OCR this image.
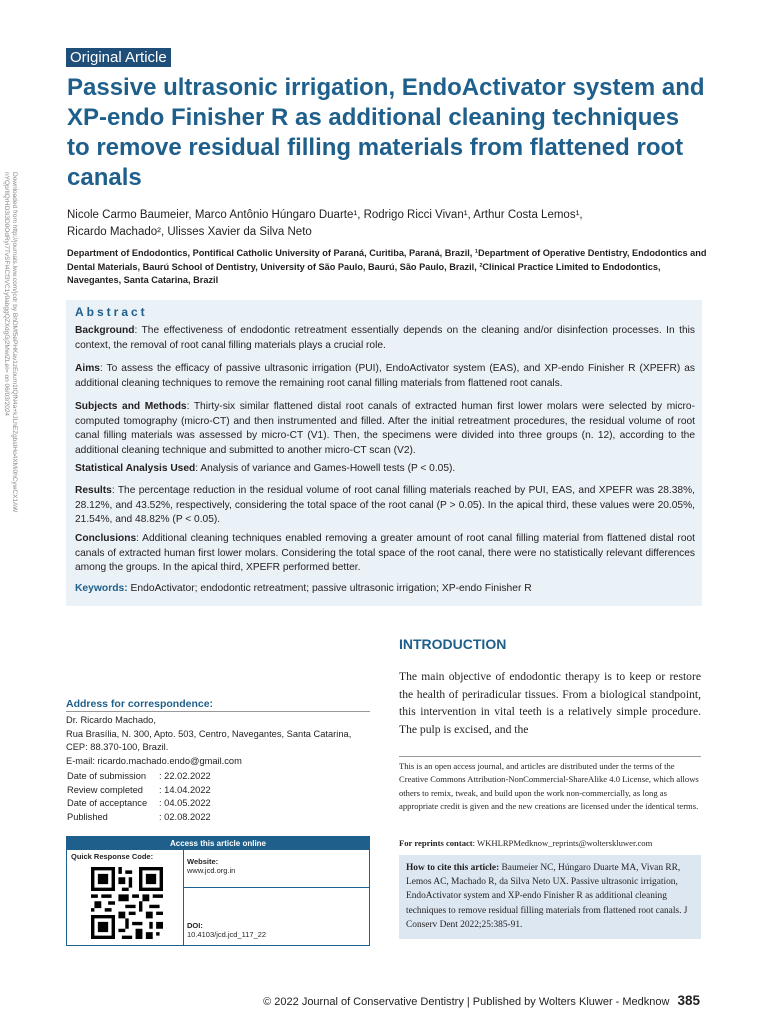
Original Article
Passive ultrasonic irrigation, EndoActivator system and XP-endo Finisher R as additional cleaning techniques to remove residual filling materials from flattened root canals
Nicole Carmo Baumeier, Marco Antônio Húngaro Duarte¹, Rodrigo Ricci Vivan¹, Arthur Costa Lemos¹,
Ricardo Machado², Ulisses Xavier da Silva Neto
Department of Endodontics, Pontifical Catholic University of Paraná, Curitiba, Paraná, Brazil, ¹Department of Operative Dentistry, Endodontics and Dental Materials, Baurú School of Dentistry, University of São Paulo, Baurú, São Paulo, Brazil, ²Clinical Practice Limited to Endodontics, Navegantes, Santa Catarina, Brazil
Downloaded from http://journals.lww.com/jcdr by BhDMf5ePHKav1zEoum1tQfN4a+kJLhEZgbsIHo4XMi0hCywCX1AW nYQp/IlQrHD3i3D0OdRyi7TvSFl4Cf3VC1y0abggQZXdgGj2MwlZLeI= on 06/03/2024	Abstract
Background: The effectiveness of endodontic retreatment essentially depends on the cleaning and/or disinfection processes. In this context, the removal of root canal filling materials plays a crucial role.
Aims: To assess the efficacy of passive ultrasonic irrigation (PUI), EndoActivator system (EAS), and XP-endo Finisher R (XPEFR) as additional cleaning techniques to remove the remaining root canal filling materials from flattened root canals.
Subjects and Methods: Thirty-six similar flattened distal root canals of extracted human first lower molars were selected by micro-computed tomography (micro-CT) and then instrumented and filled. After the initial retreatment procedures, the residual volume of root canal filling materials was assessed by micro-CT (V1). Then, the specimens were divided into three groups (n. 12), according to the additional cleaning technique and submitted to another micro-CT scan (V2).
Statistical Analysis Used: Analysis of variance and Games-Howell tests (P < 0.05).
Results: The percentage reduction in the residual volume of root canal filling materials reached by PUI, EAS, and XPEFR was 28.38%, 28.12%, and 43.52%, respectively, considering the total space of the root canal (P > 0.05). In the apical third, these values were 20.05%, 21.54%, and 48.82% (P < 0.05).
Conclusions: Additional cleaning techniques enabled removing a greater amount of root canal filling material from flattened distal root canals of extracted human first lower molars. Considering the total space of the root canal, there were no statistically relevant differences among the groups. In the apical third, XPEFR performed better.
Keywords: EndoActivator; endodontic retreatment; passive ultrasonic irrigation; XP-endo Finisher R
INTRODUCTION
The main objective of endodontic therapy is to keep or restore the health of periradicular tissues. From a biological standpoint, this intervention in vital teeth is a relatively simple procedure. The pulp is excised, and the
Address for correspondence:
Dr. Ricardo Machado,
Rua Brasília, N. 300, Apto. 503, Centro, Navegantes, Santa Catarina, CEP: 88.370-100, Brazil.
E-mail: ricardo.machado.endo@gmail.com
Date of submission	: 22.02.2022
Review completed	: 14.04.2022
Date of acceptance	: 04.05.2022
Published	: 02.08.2022
This is an open access journal, and articles are distributed under the terms of the Creative Commons Attribution-NonCommercial-ShareAlike 4.0 License, which allows others to remix, tweak, and build upon the work non-commercially, as long as appropriate credit is given and the new creations are licensed under the identical terms.
For reprints contact: WKHLRPMedknow_reprints@wolterskluwer.com
How to cite this article: Baumeier NC, Húngaro Duarte MA, Vivan RR, Lemos AC, Machado R, da Silva Neto UX. Passive ultrasonic irrigation, EndoActivator system and XP-endo Finisher R as additional cleaning techniques to remove residual filling materials from flattened root canals. J Conserv Dent 2022;25:385-91.
Access this article online
Quick Response Code:
Website:
www.jcd.org.in
DOI:
10.4103/jcd.jcd_117_22
© 2022 Journal of Conservative Dentistry | Published by Wolters Kluwer - Medknow 385
